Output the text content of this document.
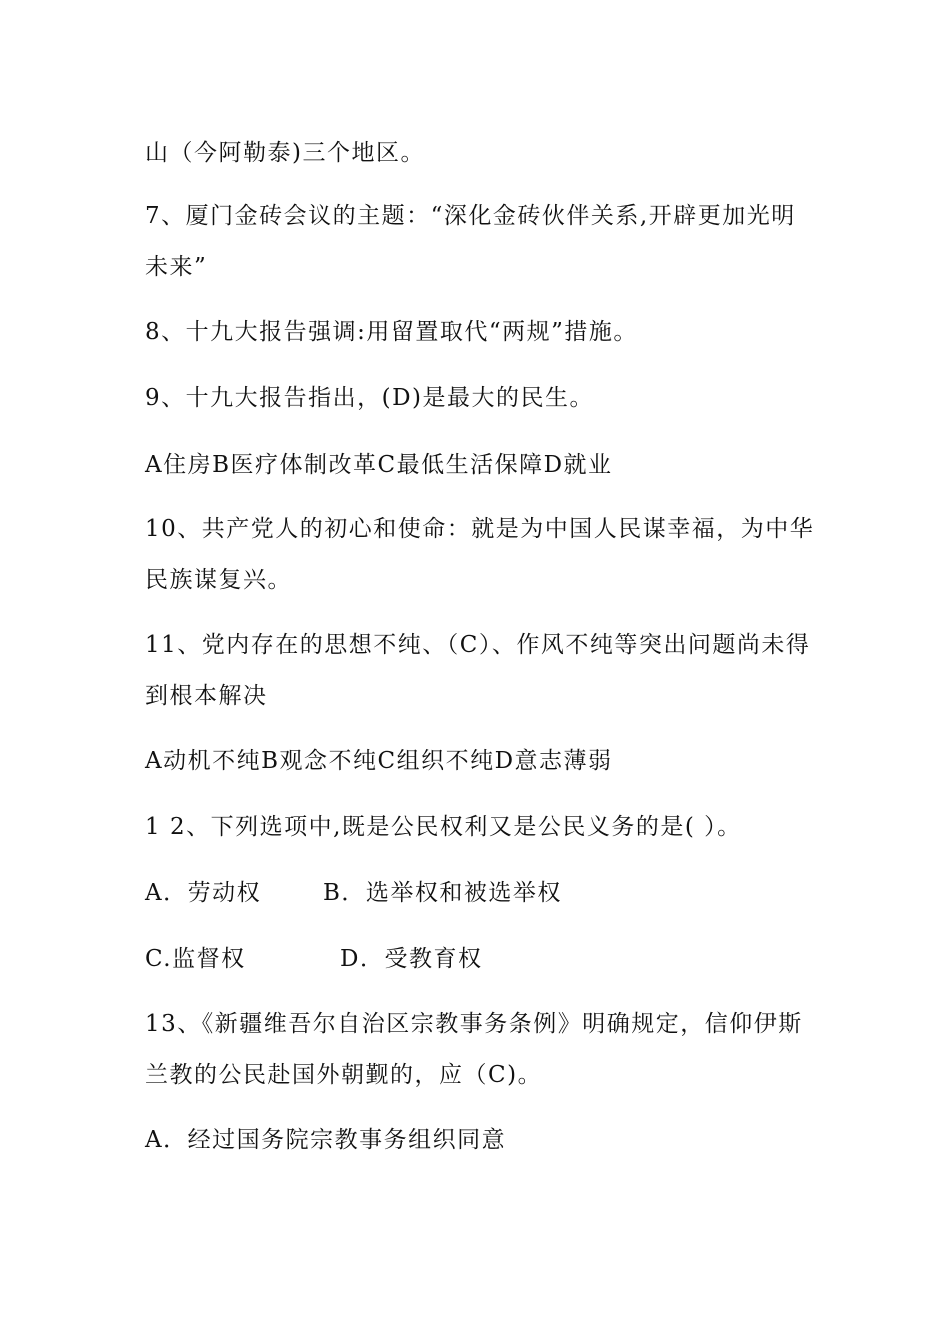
山（今阿勒泰)三个地区。
7、厦门金砖会议的主题：“深化金砖伙伴关系,开辟更加光明
未来”
8、十九大报告强调:用留置取代“两规”措施。
9、十九大报告指出，(D)是最大的民生。
A住房B医疗体制改革C最低生活保障D就业
10、共产党人的初心和使命：就是为中国人民谋幸福，为中华
民族谋复兴。
11、党内存在的思想不纯、（C）、作风不纯等突出问题尚未得
到根本解决
A动机不纯B观念不纯C组织不纯D意志薄弱
1 2、下列选项中,既是公民权利又是公民义务的是( ）。
A．劳动权	B．选举权和被选举权
C.监督权	D．受教育权
13、《新疆维吾尔自治区宗教事务条例》明确规定，信仰伊斯
兰教的公民赴国外朝觐的，应（C)。
A．经过国务院宗教事务组织同意
